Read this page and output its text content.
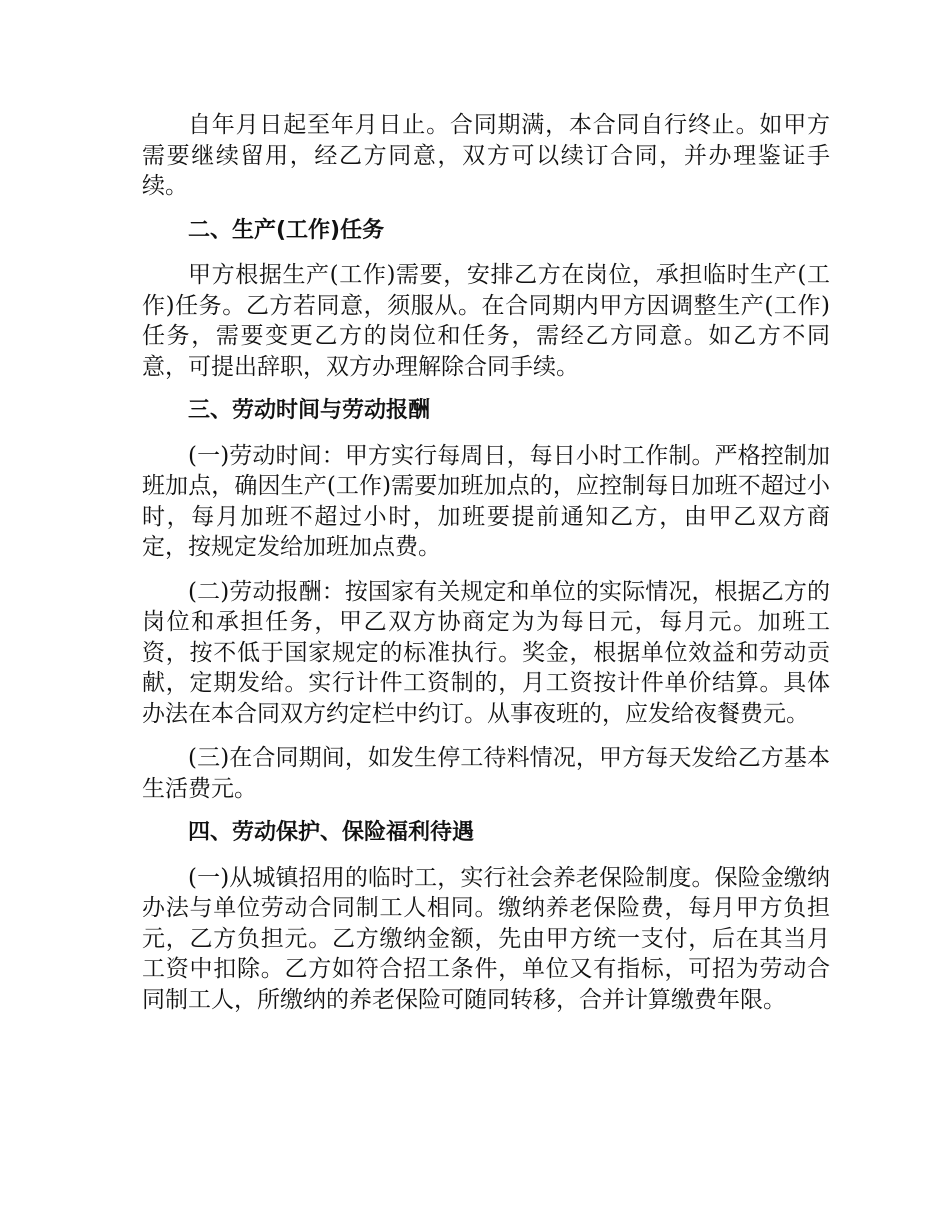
自年月日起至年月日止。合同期满，本合同自行终止。如甲方需要继续留用，经乙方同意，双方可以续订合同，并办理鉴证手续。

二、生产(工作)任务

甲方根据生产(工作)需要，安排乙方在岗位，承担临时生产(工作)任务。乙方若同意，须服从。在合同期内甲方因调整生产(工作)任务，需要变更乙方的岗位和任务，需经乙方同意。如乙方不同意，可提出辞职，双方办理解除合同手续。

三、劳动时间与劳动报酬

(一)劳动时间：甲方实行每周日，每日小时工作制。严格控制加班加点，确因生产(工作)需要加班加点的，应控制每日加班不超过小时，每月加班不超过小时，加班要提前通知乙方，由甲乙双方商定，按规定发给加班加点费。

(二)劳动报酬：按国家有关规定和单位的实际情况，根据乙方的岗位和承担任务，甲乙双方协商定为为每日元，每月元。加班工资，按不低于国家规定的标准执行。奖金，根据单位效益和劳动贡献，定期发给。实行计件工资制的，月工资按计件单价结算。具体办法在本合同双方约定栏中约订。从事夜班的，应发给夜餐费元。

(三)在合同期间，如发生停工待料情况，甲方每天发给乙方基本生活费元。

四、劳动保护、保险福利待遇

(一)从城镇招用的临时工，实行社会养老保险制度。保险金缴纳办法与单位劳动合同制工人相同。缴纳养老保险费，每月甲方负担元，乙方负担元。乙方缴纳金额，先由甲方统一支付，后在其当月工资中扣除。乙方如符合招工条件，单位又有指标，可招为劳动合同制工人，所缴纳的养老保险可随同转移，合并计算缴费年限。
